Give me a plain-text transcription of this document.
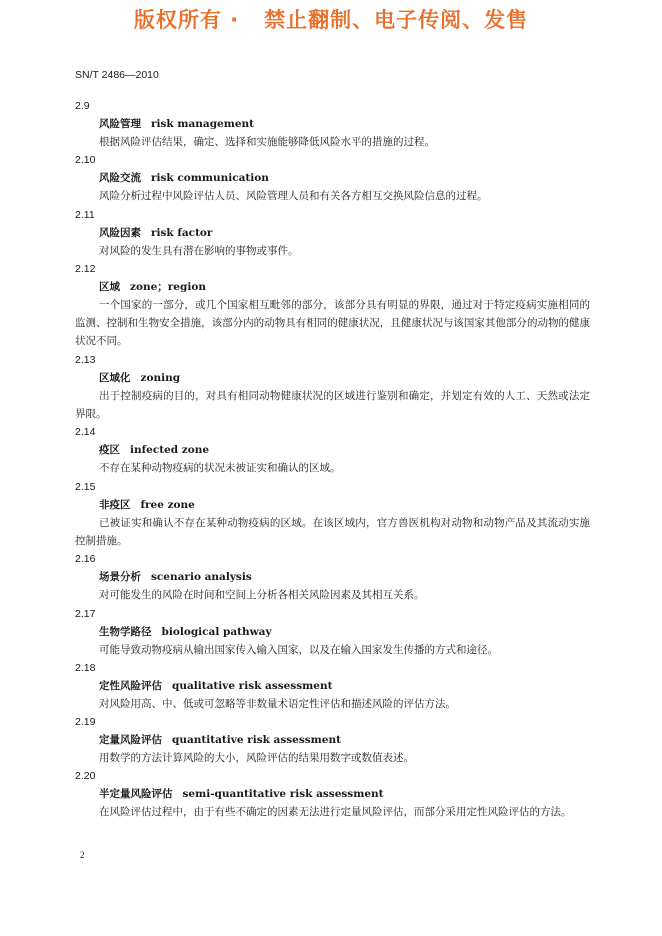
版权所有 ·   禁止翻制、电子传阅、发售
SN/T 2486—2010
2.9
风险管理 risk management
根据风险评估结果，确定、选择和实施能够降低风险水平的措施的过程。
2.10
风险交流 risk communication
风险分析过程中风险评估人员、风险管理人员和有关各方相互交换风险信息的过程。
2.11
风险因素 risk factor
对风险的发生具有潜在影响的事物或事件。
2.12
区域 zone；region
一个国家的一部分，或几个国家相互毗邻的部分，该部分具有明显的界限，通过对于特定疫病实施相同的监测、控制和生物安全措施，该部分内的动物具有相同的健康状况，且健康状况与该国家其他部分的动物的健康状况不同。
2.13
区域化 zoning
出于控制疫病的目的，对具有相同动物健康状况的区域进行鉴别和确定，并划定有效的人工、天然或法定界限。
2.14
疫区 infected zone
不存在某种动物疫病的状况未被证实和确认的区域。
2.15
非疫区 free zone
已被证实和确认不存在某种动物疫病的区域。在该区域内，官方兽医机构对动物和动物产品及其流动实施控制措施。
2.16
场景分析 scenario analysis
对可能发生的风险在时间和空间上分析各相关风险因素及其相互关系。
2.17
生物学路径 biological pathway
可能导致动物疫病从输出国家传入输入国家，以及在输入国家发生传播的方式和途径。
2.18
定性风险评估 qualitative risk assessment
对风险用高、中、低或可忽略等非数量术语定性评估和描述风险的评估方法。
2.19
定量风险评估 quantitative risk assessment
用数学的方法计算风险的大小，风险评估的结果用数字或数值表述。
2.20
半定量风险评估 semi-quantitative risk assessment
在风险评估过程中，由于有些不确定的因素无法进行定量风险评估，而部分采用定性风险评估的方法。
2
